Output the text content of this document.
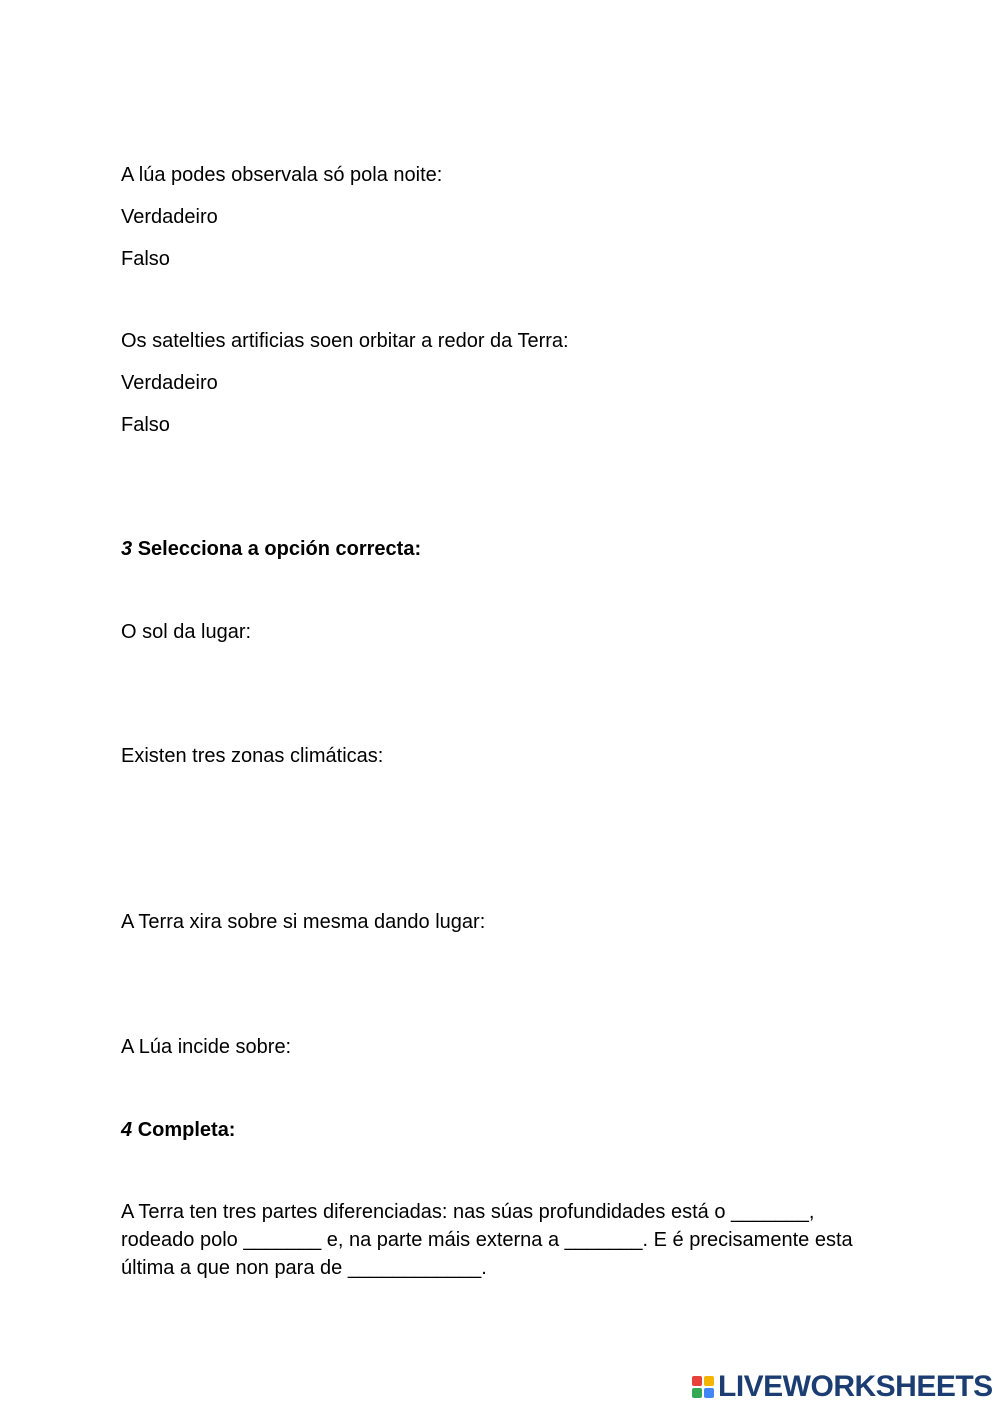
A lúa podes observala só pola noite:
Verdadeiro
Falso
Os satelties artificias soen orbitar a redor da Terra:
Verdadeiro
Falso
3 Selecciona a opción correcta:
O sol da lugar:
Existen tres zonas climáticas:
A Terra xira sobre si mesma dando lugar:
A Lúa incide sobre:
4 Completa:
A Terra ten tres partes diferenciadas: nas súas profundidades está o _______,
rodeado polo _______ e, na parte máis externa a _______. E é precisamente esta
última a que non para de ____________.
LIVEWORKSHEETS
